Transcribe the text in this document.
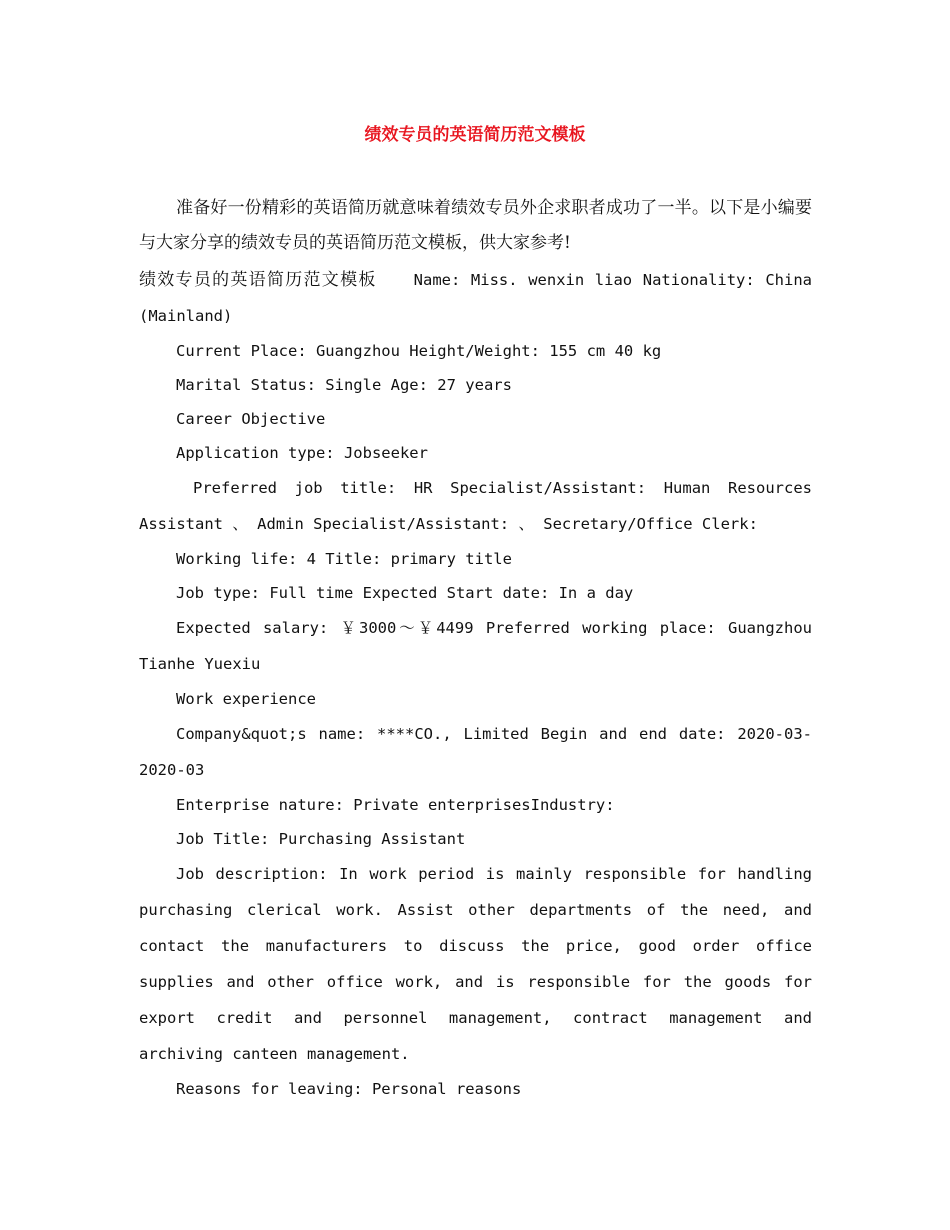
绩效专员的英语简历范文模板

准备好一份精彩的英语简历就意味着绩效专员外企求职者成功了一半。以下是小编要与大家分享的绩效专员的英语简历范文模板，供大家参考!

绩效专员的英语简历范文模板 Name: Miss. wenxin liao Nationality: China (Mainland)

Current Place: Guangzhou Height/Weight: 155 cm 40 kg

Marital Status: Single Age: 27 years

Career Objective

Application type: Jobseeker

Preferred job title: HR Specialist/Assistant: Human Resources Assistant 、 Admin Specialist/Assistant: 、 Secretary/Office Clerk:

Working life: 4 Title: primary title

Job type: Full time Expected Start date: In a day

Expected salary: ￥3000～￥4499 Preferred working place: Guangzhou Tianhe Yuexiu

Work experience

Company&quot;s name: ****CO., Limited Begin and end date: 2020-03-2020-03

Enterprise nature: Private enterprisesIndustry:

Job Title: Purchasing Assistant

Job description: In work period is mainly responsible for handling purchasing clerical work. Assist other departments of the need, and contact the manufacturers to discuss the price, good order office supplies and other office work, and is responsible for the goods for export credit and personnel management, contract management and archiving canteen management.

Reasons for leaving: Personal reasons
